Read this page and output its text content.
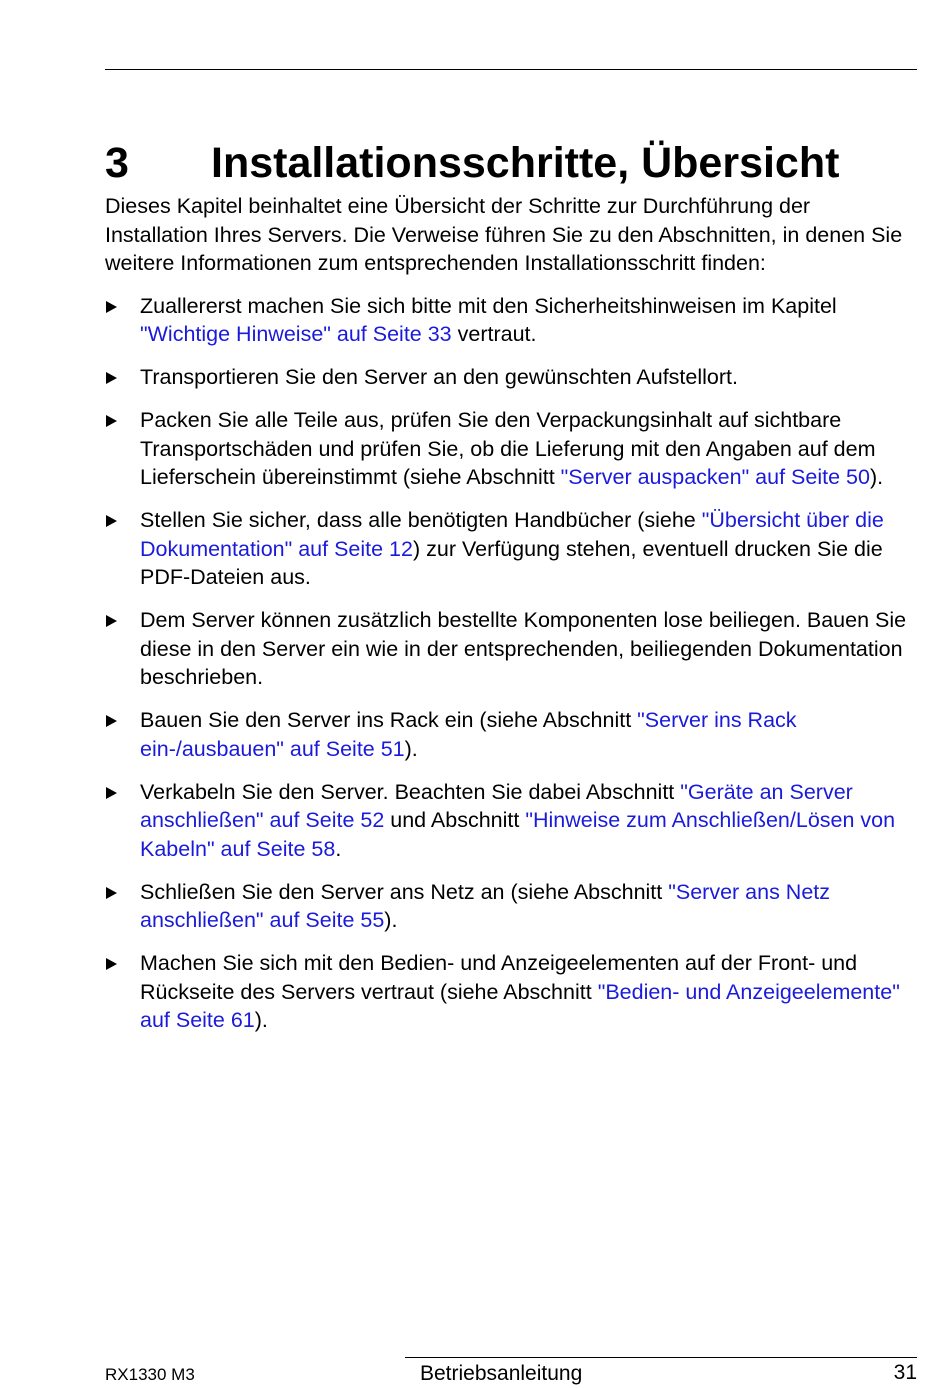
3 Installationsschritte, Übersicht

Dieses Kapitel beinhaltet eine Übersicht der Schritte zur Durchführung der Installation Ihres Servers. Die Verweise führen Sie zu den Abschnitten, in denen Sie weitere Informationen zum entsprechenden Installationsschritt finden:

Zuallererst machen Sie sich bitte mit den Sicherheitshinweisen im Kapitel "Wichtige Hinweise" auf Seite 33 vertraut.
Transportieren Sie den Server an den gewünschten Aufstellort.
Packen Sie alle Teile aus, prüfen Sie den Verpackungsinhalt auf sichtbare Transportschäden und prüfen Sie, ob die Lieferung mit den Angaben auf dem Lieferschein übereinstimmt (siehe Abschnitt "Server auspacken" auf Seite 50).
Stellen Sie sicher, dass alle benötigten Handbücher (siehe "Übersicht über die Dokumentation" auf Seite 12) zur Verfügung stehen, eventuell drucken Sie die PDF-Dateien aus.
Dem Server können zusätzlich bestellte Komponenten lose beiliegen. Bauen Sie diese in den Server ein wie in der entsprechenden, beiliegenden Dokumentation beschrieben.
Bauen Sie den Server ins Rack ein (siehe Abschnitt "Server ins Rack ein-/ausbauen" auf Seite 51).
Verkabeln Sie den Server. Beachten Sie dabei Abschnitt "Geräte an Server anschließen" auf Seite 52 und Abschnitt "Hinweise zum Anschließen/Lösen von Kabeln" auf Seite 58.
Schließen Sie den Server ans Netz an (siehe Abschnitt "Server ans Netz anschließen" auf Seite 55).
Machen Sie sich mit den Bedien- und Anzeigeelementen auf der Front- und Rückseite des Servers vertraut (siehe Abschnitt "Bedien- und Anzeigeelemente" auf Seite 61).
RX1330 M3	Betriebsanleitung	31
